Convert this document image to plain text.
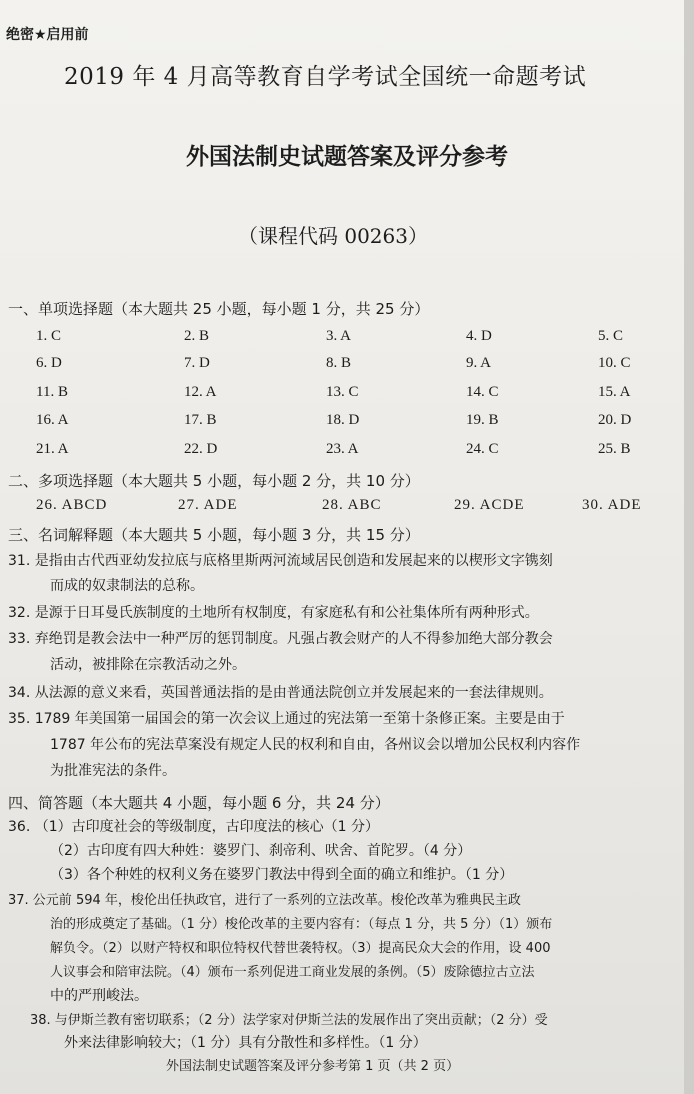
绝密★启用前
2019 年 4 月高等教育自学考试全国统一命题考试
外国法制史试题答案及评分参考
（课程代码 00263）
一、单项选择题（本大题共 25 小题，每小题 1 分，共 25 分）
1. C	2. B	3. A	4. D	5. C
6. D	7. D	8. B	9. A	10. C
11. B	12. A	13. C	14. C	15. A
16. A	17. B	18. D	19. B	20. D
21. A	22. D	23. A	24. C	25. B
二、多项选择题（本大题共 5 小题，每小题 2 分，共 10 分）
26. ABCD	27. ADE	28. ABC	29. ACDE	30. ADE
三、名词解释题（本大题共 5 小题，每小题 3 分，共 15 分）
31. 是指由古代西亚幼发拉底与底格里斯两河流域居民创造和发展起来的以楔形文字镌刻
而成的奴隶制法的总称。
32. 是源于日耳曼氏族制度的土地所有权制度，有家庭私有和公社集体所有两种形式。
33. 弃绝罚是教会法中一种严厉的惩罚制度。凡强占教会财产的人不得参加绝大部分教会
活动，被排除在宗教活动之外。
34. 从法源的意义来看，英国普通法指的是由普通法院创立并发展起来的一套法律规则。
35. 1789 年美国第一届国会的第一次会议上通过的宪法第一至第十条修正案。主要是由于
1787 年公布的宪法草案没有规定人民的权利和自由，各州议会以增加公民权利内容作
为批准宪法的条件。
四、简答题（本大题共 4 小题，每小题 6 分，共 24 分）
36. （1）古印度社会的等级制度，古印度法的核心（1 分）
（2）古印度有四大种姓：婆罗门、刹帝利、吠舍、首陀罗。（4 分）
（3）各个种姓的权利义务在婆罗门教法中得到全面的确立和维护。（1 分）
37. 公元前 594 年，梭伦出任执政官，进行了一系列的立法改革。梭伦改革为雅典民主政
治的形成奠定了基础。（1 分）梭伦改革的主要内容有：（每点 1 分，共 5 分）（1）颁布
解负令。（2）以财产特权和职位特权代替世袭特权。（3）提高民众大会的作用，设 400
人议事会和陪审法院。（4）颁布一系列促进工商业发展的条例。（5）废除德拉古立法
中的严刑峻法。
38. 与伊斯兰教有密切联系；（2 分）法学家对伊斯兰法的发展作出了突出贡献；（2 分）受
外来法律影响较大；（1 分）具有分散性和多样性。（1 分）
外国法制史试题答案及评分参考第 1 页（共 2 页）
